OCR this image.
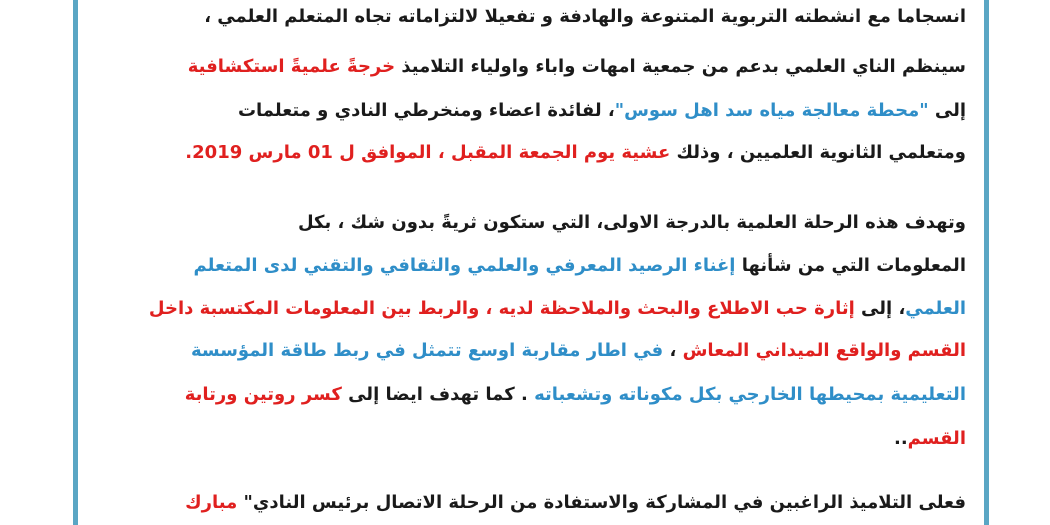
انسجاما مع انشطته التربوية المتنوعة والهادفة و تفعيلا لالتزاماته تجاه المتعلم العلمي ،
سينظم الناي العلمي بدعم من جمعية امهات واباء واولياء التلاميذ خرجةً علميةً استكشافية
إلى "محطة معالجة مياه سد اهل سوس"، لفائدة اعضاء ومنخرطي النادي و متعلمات
ومتعلمي الثانوية العلميين ، وذلك عشية يوم الجمعة المقبل ، الموافق ل 01 مارس 2019.
وتهدف هذه الرحلة العلمية بالدرجة الاولى، التي ستكون ثريةً بدون شك ، بكل
المعلومات التي من شأنها إغناء الرصيد المعرفي والعلمي والثقافي والتقني لدى المتعلم
العلمي، إلى إثارة حب الاطلاع والبحث والملاحظة لديه ، والربط بين المعلومات المكتسبة داخل
القسم والواقع الميداني المعاش ، في اطار مقاربة اوسع تتمثل في ربط طاقة المؤسسة
التعليمية بمحيطها الخارجي بكل مكوناته وتشعباته . كما تهدف ايضا إلى كسر روتين ورتابة
القسم..
فعلى التلاميذ الراغبين في المشاركة والاستفادة من الرحلة الاتصال برئيس النادي" مبارك
